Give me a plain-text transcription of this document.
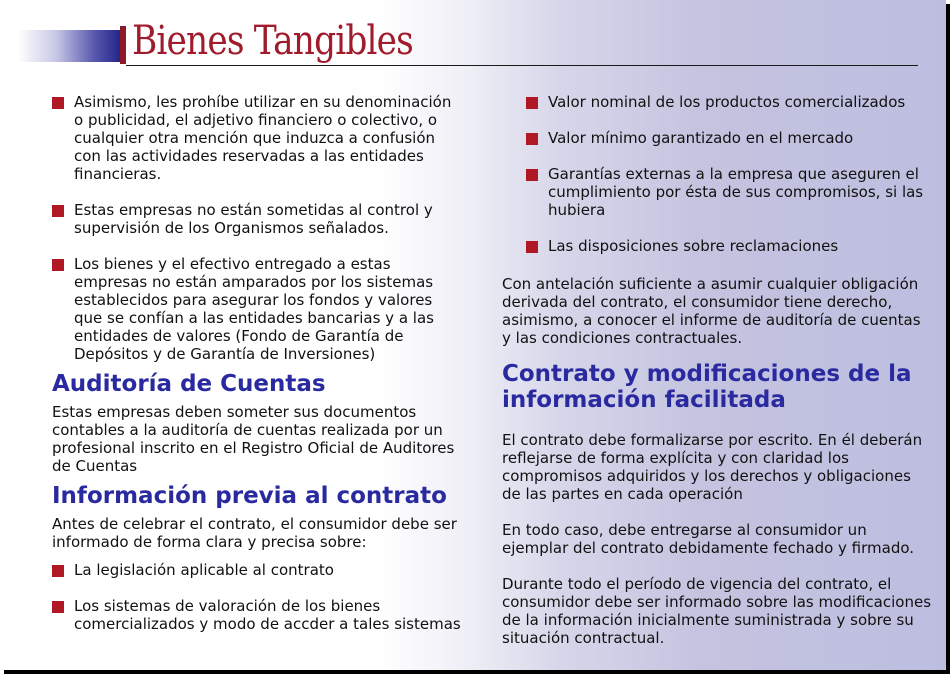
Bienes Tangibles
Asimismo, les prohíbe utilizar en su denominación o publicidad, el adjetivo financiero o colectivo, o cualquier otra mención que induzca a confusión con las actividades reservadas a las entidades financieras.
Estas empresas no están sometidas al control y supervisión de los Organismos señalados.
Los bienes y el efectivo entregado a estas empresas no están amparados por los sistemas establecidos para asegurar los fondos y valores que se confían a las entidades bancarias y a las entidades de valores (Fondo de Garantía de Depósitos y de Garantía de Inversiones)
Auditoría de Cuentas

Estas empresas deben someter sus documentos contables a la auditoría de cuentas realizada por un profesional inscrito en el Registro Oficial de Auditores de Cuentas

Información previa al contrato

Antes de celebrar el contrato, el consumidor debe ser informado de forma clara y precisa sobre:

La legislación aplicable al contrato
Los sistemas de valoración de los bienes comercializados y modo de accder a tales sistemas
Valor nominal de los productos comercializados
Valor mínimo garantizado en el mercado
Garantías externas a la empresa que aseguren el cumplimiento por ésta de sus compromisos, si las hubiera
Las disposiciones sobre reclamaciones

Con antelación suficiente a asumir cualquier obligación derivada del contrato, el consumidor tiene derecho, asimismo, a conocer el informe de auditoría de cuentas y las condiciones contractuales.

Contrato y modificaciones de la información facilitada

El contrato debe formalizarse por escrito. En él deberán reflejarse de forma explícita y con claridad los compromisos adquiridos y los derechos y obligaciones de las partes en cada operación

En todo caso, debe entregarse al consumidor un ejemplar del contrato debidamente fechado y firmado.

Durante todo el período de vigencia del contrato, el consumidor debe ser informado sobre las modificaciones de la información inicialmente suministrada y sobre su situación contractual.
